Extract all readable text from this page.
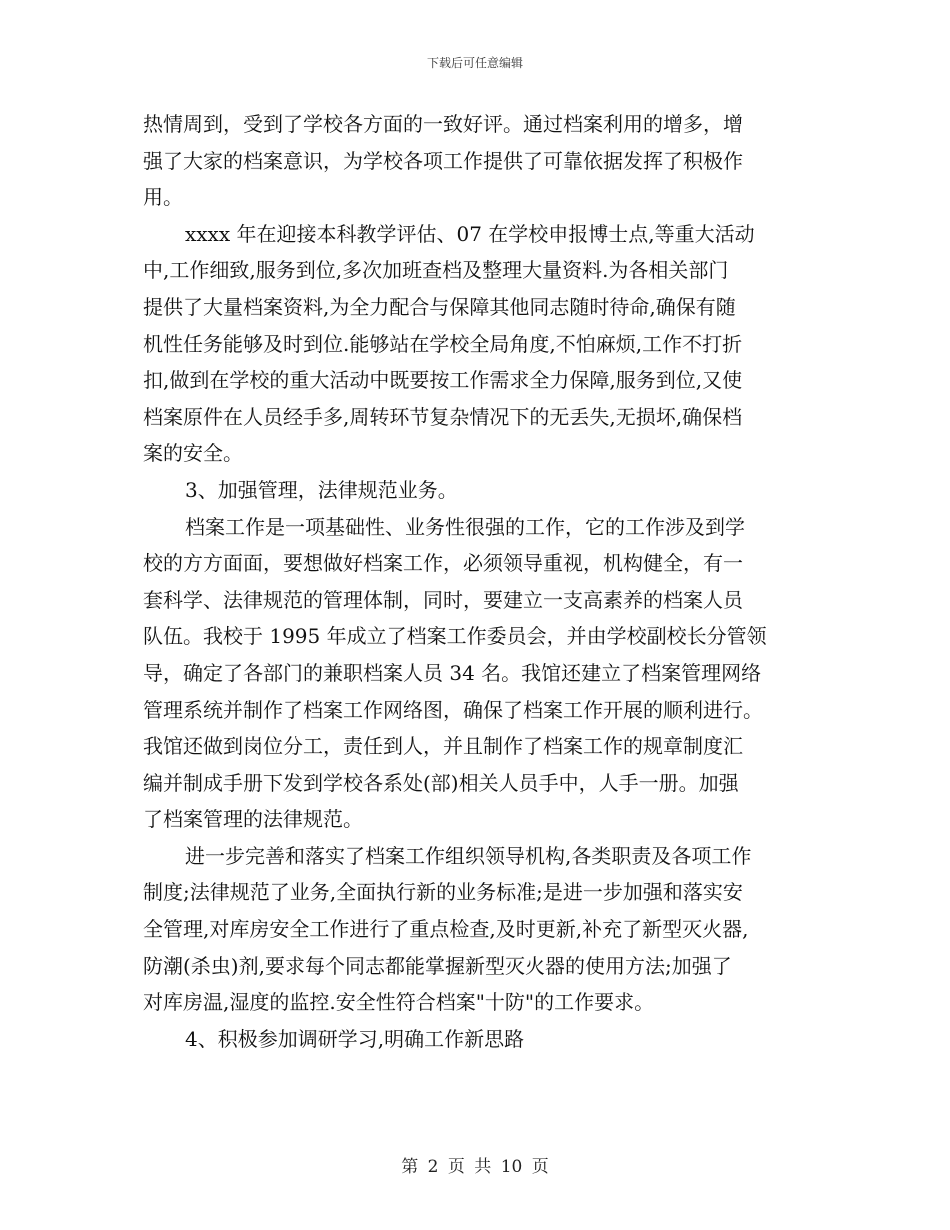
下载后可任意编辑
热情周到，受到了学校各方面的一致好评。通过档案利用的增多，增
强了大家的档案意识，为学校各项工作提供了可靠依据发挥了积极作
用。
xxxx 年在迎接本科教学评估、07 在学校申报博士点,等重大活动
中,工作细致,服务到位,多次加班查档及整理大量资料.为各相关部门
提供了大量档案资料,为全力配合与保障其他同志随时待命,确保有随
机性任务能够及时到位.能够站在学校全局角度,不怕麻烦,工作不打折
扣,做到在学校的重大活动中既要按工作需求全力保障,服务到位,又使
档案原件在人员经手多,周转环节复杂情况下的无丢失,无损坏,确保档
案的安全。
3、加强管理，法律规范业务。
档案工作是一项基础性、业务性很强的工作，它的工作涉及到学
校的方方面面，要想做好档案工作，必须领导重视，机构健全，有一
套科学、法律规范的管理体制，同时，要建立一支高素养的档案人员
队伍。我校于 1995 年成立了档案工作委员会，并由学校副校长分管领
导，确定了各部门的兼职档案人员 34 名。我馆还建立了档案管理网络
管理系统并制作了档案工作网络图，确保了档案工作开展的顺利进行。
我馆还做到岗位分工，责任到人，并且制作了档案工作的规章制度汇
编并制成手册下发到学校各系处(部)相关人员手中，人手一册。加强
了档案管理的法律规范。
进一步完善和落实了档案工作组织领导机构,各类职责及各项工作
制度;法律规范了业务,全面执行新的业务标准;是进一步加强和落实安
全管理,对库房安全工作进行了重点检查,及时更新,补充了新型灭火器,
防潮(杀虫)剂,要求每个同志都能掌握新型灭火器的使用方法;加强了
对库房温,湿度的监控.安全性符合档案"十防"的工作要求。
4、积极参加调研学习,明确工作新思路
第 2 页 共 10 页
